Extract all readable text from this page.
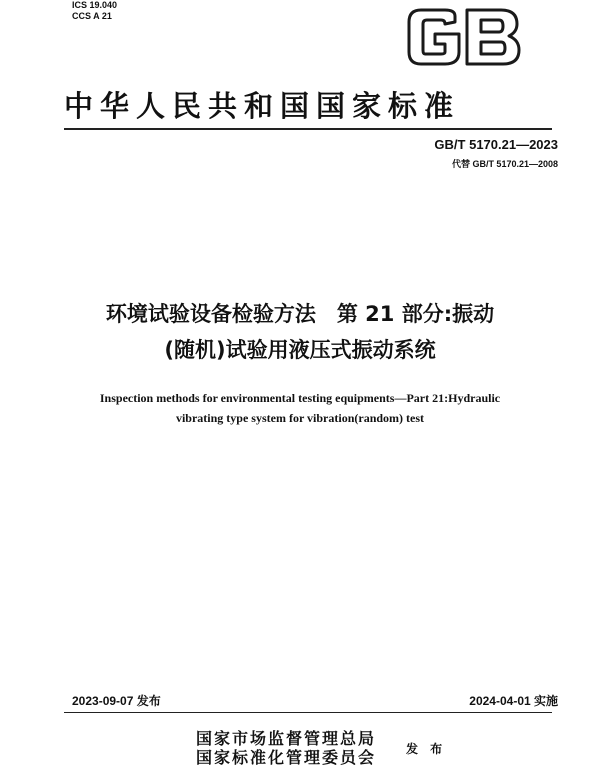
ICS 19.040
CCS A 21
中华人民共和国国家标准
GB/T 5170.21—2023
代替 GB/T 5170.21—2008
环境试验设备检验方法　第 21 部分:振动
(随机)试验用液压式振动系统
Inspection methods for environmental testing equipments—Part 21:Hydraulic
vibrating type system for vibration(random) test
2023-09-07 发布	2024-04-01 实施
国家市场监督管理总局
国家标准化管理委员会 发 布
